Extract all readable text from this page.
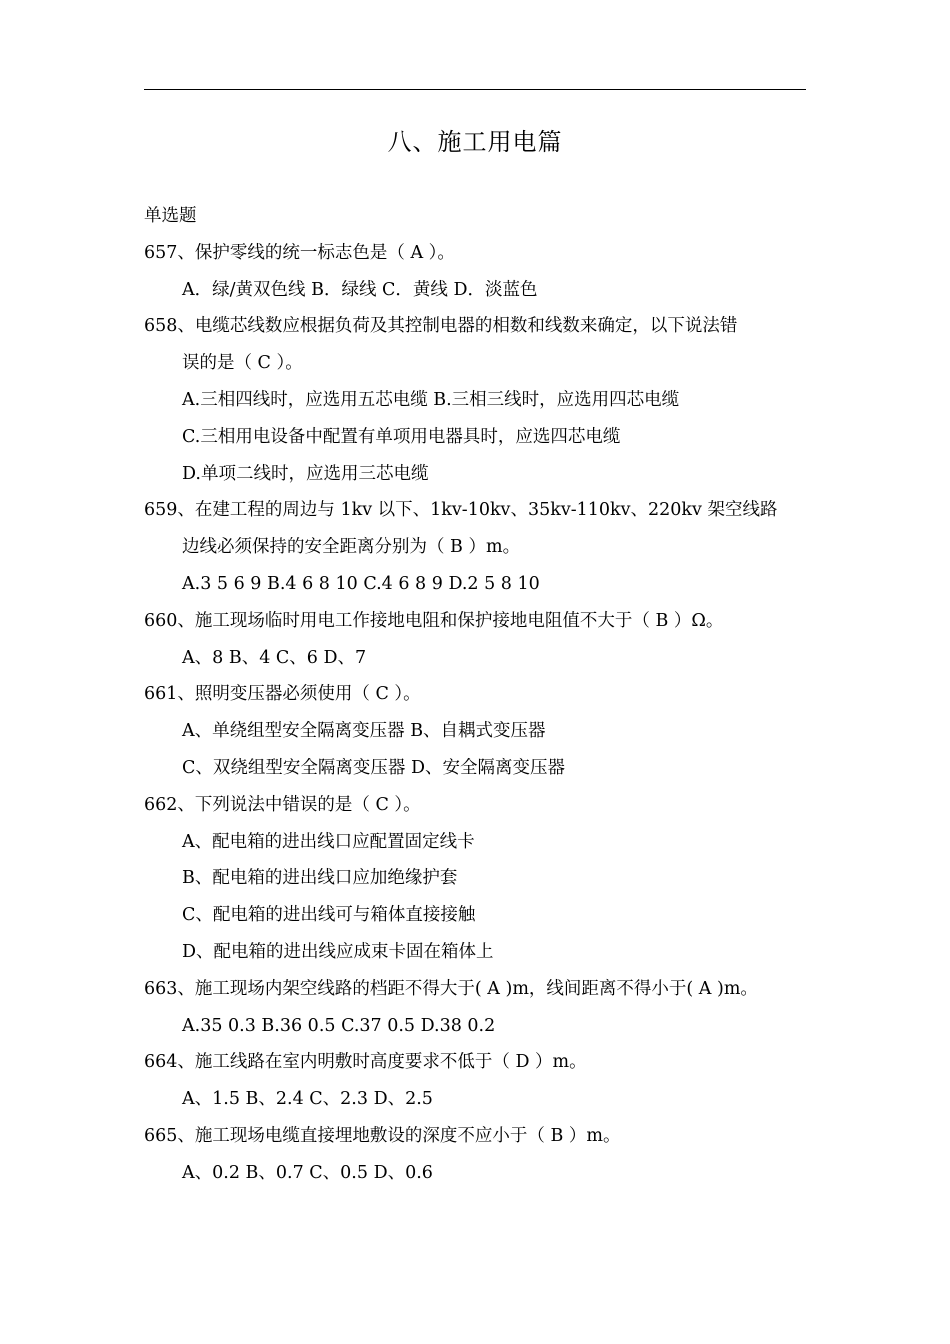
八、施工用电篇
单选题
657、保护零线的统一标志色是（ A ）。
A．绿/黄双色线 B．绿线 C．黄线 D．淡蓝色
658、电缆芯线数应根据负荷及其控制电器的相数和线数来确定，以下说法错
误的是（ C ）。
A.三相四线时，应选用五芯电缆 B.三相三线时，应选用四芯电缆
C.三相用电设备中配置有单项用电器具时，应选四芯电缆
D.单项二线时，应选用三芯电缆
659、在建工程的周边与 1kv 以下、1kv-10kv、35kv-110kv、220kv 架空线路
边线必须保持的安全距离分别为（ B ）m。
A.3 5 6 9 B.4 6 8 10 C.4 6 8 9 D.2 5 8 10
660、施工现场临时用电工作接地电阻和保护接地电阻值不大于（ B ）Ω。
A、8 B、4 C、6 D、7
661、照明变压器必须使用（ C ）。
A、单绕组型安全隔离变压器 B、自耦式变压器
C、双绕组型安全隔离变压器 D、安全隔离变压器
662、下列说法中错误的是（ C ）。
A、配电箱的进出线口应配置固定线卡
B、配电箱的进出线口应加绝缘护套
C、配电箱的进出线可与箱体直接接触
D、配电箱的进出线应成束卡固在箱体上
663、施工现场内架空线路的档距不得大于( A )m，线间距离不得小于( A )m。
A.35 0.3 B.36 0.5 C.37 0.5 D.38 0.2
664、施工线路在室内明敷时高度要求不低于（ D ）m。
A、1.5 B、2.4 C、2.3 D、2.5
665、施工现场电缆直接埋地敷设的深度不应小于（ B ）m。
A、0.2 B、0.7 C、0.5 D、0.6
